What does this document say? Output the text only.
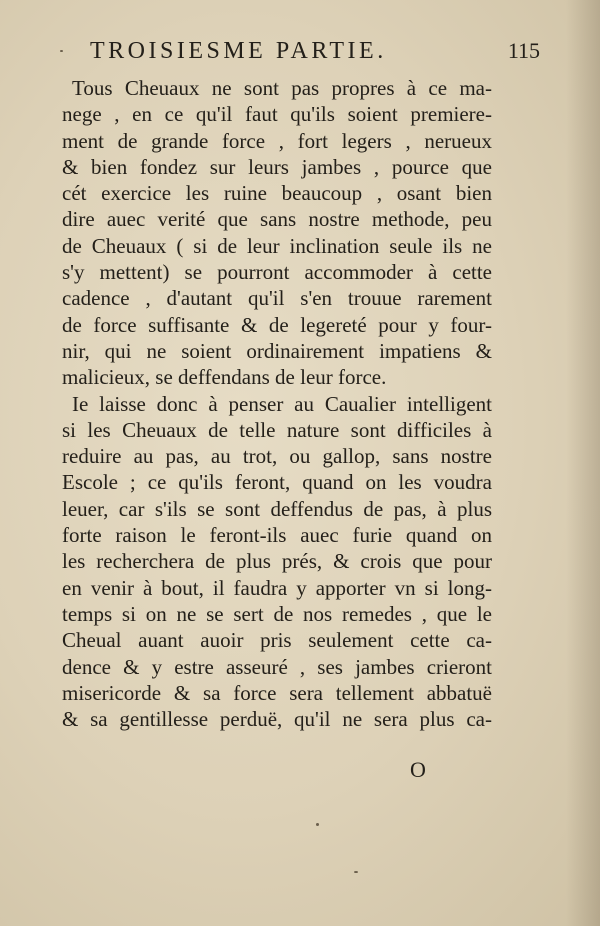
TROISIESME PARTIE.	115
Tous Cheuaux ne sont pas propres à ce ma-
nege , en ce qu'il faut qu'ils soient premiere-
ment de grande force , fort legers , nerueux
& bien fondez sur leurs jambes , pource que
cét exercice les ruine beaucoup , osant bien
dire auec verité que sans nostre methode, peu
de Cheuaux ( si de leur inclination seule ils ne
s'y mettent) se pourront accommoder à cette
cadence , d'autant qu'il s'en trouue rarement
de force suffisante & de legereté pour y four-
nir, qui ne soient ordinairement impatiens &
malicieux, se deffendans de leur force.
Ie laisse donc à penser au Caualier intelligent
si les Cheuaux de telle nature sont difficiles à
reduire au pas, au trot, ou gallop, sans nostre
Escole ; ce qu'ils feront, quand on les voudra
leuer, car s'ils se sont deffendus de pas, à plus
forte raison le feront-ils auec furie quand on
les recherchera de plus prés, & crois que pour
en venir à bout, il faudra y apporter vn si long-
temps si on ne se sert de nos remedes , que le
Cheual auant auoir pris seulement cette ca-
dence & y estre asseuré , ses jambes crieront
misericorde & sa force sera tellement abbatuë
& sa gentillesse perduë, qu'il ne sera plus ca-
O
